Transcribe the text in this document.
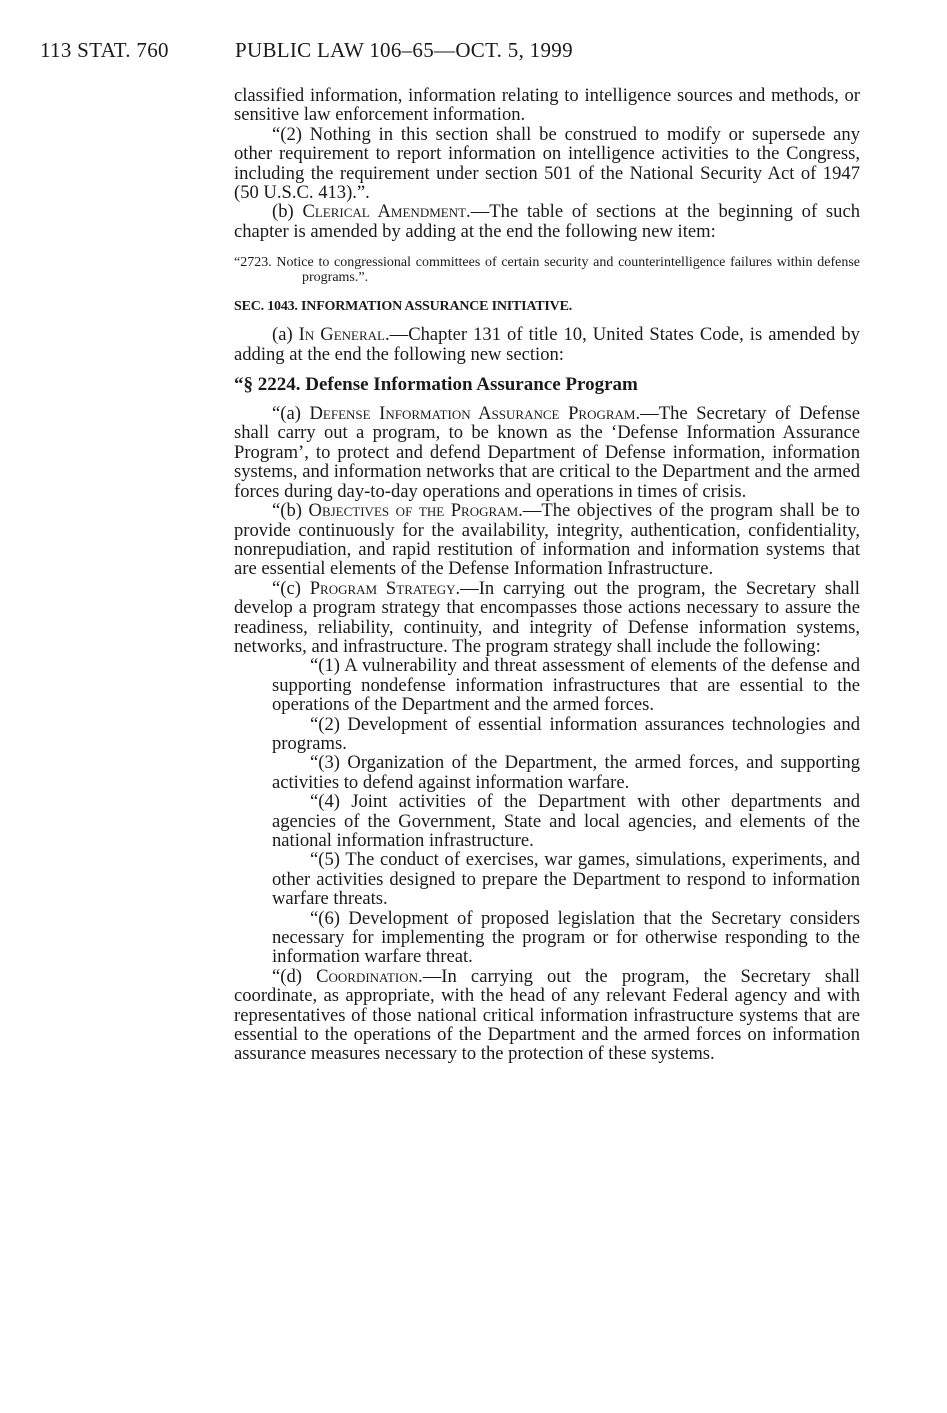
113 STAT. 760	PUBLIC LAW 106–65—OCT. 5, 1999

classified information, information relating to intelligence sources and methods, or sensitive law enforcement information.

“(2) Nothing in this section shall be construed to modify or supersede any other requirement to report information on intelligence activities to the Congress, including the requirement under section 501 of the National Security Act of 1947 (50 U.S.C. 413).”.

(b) Clerical Amendment.—The table of sections at the beginning of such chapter is amended by adding at the end the following new item:

“2723. Notice to congressional committees of certain security and counterintelligence failures within defense programs.”.

SEC. 1043. INFORMATION ASSURANCE INITIATIVE.

(a) In General.—Chapter 131 of title 10, United States Code, is amended by adding at the end the following new section:

“§ 2224. Defense Information Assurance Program

“(a) Defense Information Assurance Program.—The Secretary of Defense shall carry out a program, to be known as the ‘Defense Information Assurance Program’, to protect and defend Department of Defense information, information systems, and information networks that are critical to the Department and the armed forces during day-to-day operations and operations in times of crisis.

“(b) Objectives of the Program.—The objectives of the program shall be to provide continuously for the availability, integrity, authentication, confidentiality, nonrepudiation, and rapid restitution of information and information systems that are essential elements of the Defense Information Infrastructure.

“(c) Program Strategy.—In carrying out the program, the Secretary shall develop a program strategy that encompasses those actions necessary to assure the readiness, reliability, continuity, and integrity of Defense information systems, networks, and infrastructure. The program strategy shall include the following:

“(1) A vulnerability and threat assessment of elements of the defense and supporting nondefense information infrastructures that are essential to the operations of the Department and the armed forces.

“(2) Development of essential information assurances technologies and programs.

“(3) Organization of the Department, the armed forces, and supporting activities to defend against information warfare.

“(4) Joint activities of the Department with other departments and agencies of the Government, State and local agencies, and elements of the national information infrastructure.

“(5) The conduct of exercises, war games, simulations, experiments, and other activities designed to prepare the Department to respond to information warfare threats.

“(6) Development of proposed legislation that the Secretary considers necessary for implementing the program or for otherwise responding to the information warfare threat.

“(d) Coordination.—In carrying out the program, the Secretary shall coordinate, as appropriate, with the head of any relevant Federal agency and with representatives of those national critical information infrastructure systems that are essential to the operations of the Department and the armed forces on information assurance measures necessary to the protection of these systems.
